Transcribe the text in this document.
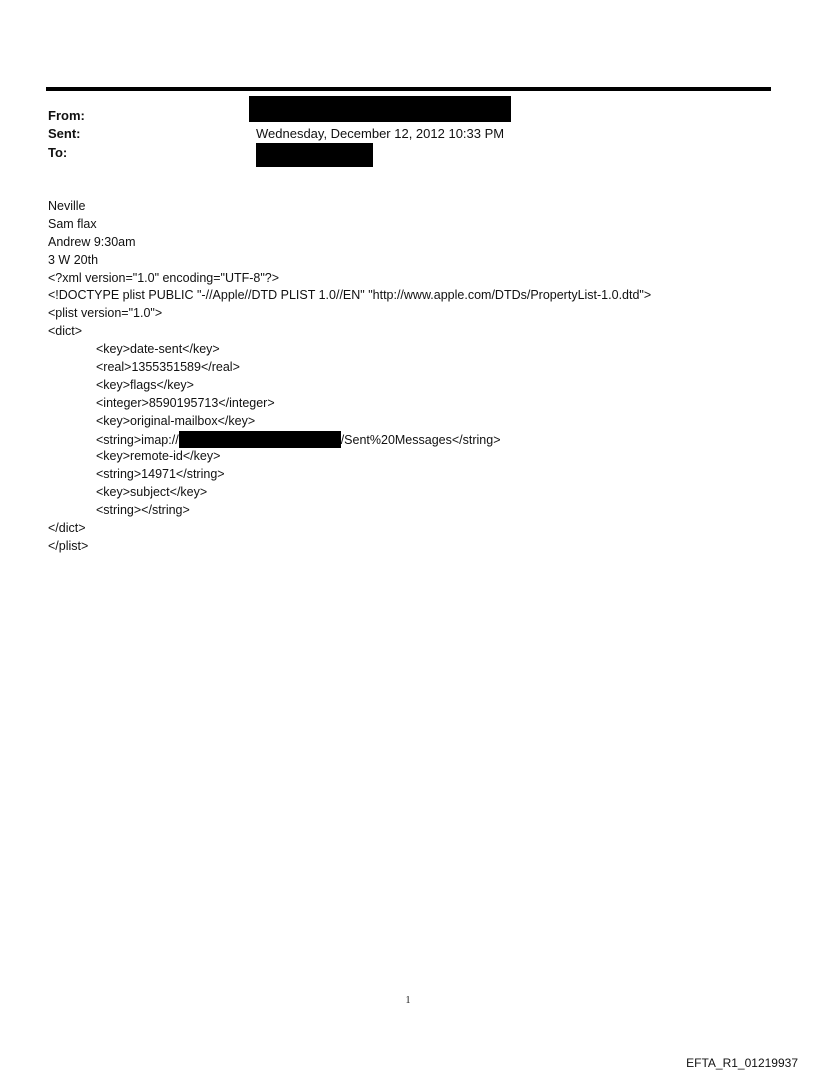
From:
Sent:	Wednesday, December 12, 2012 10:33 PM
To:
Neville
Sam flax
Andrew 9:30am
3 W 20th
<?xml version="1.0" encoding="UTF-8"?>
<!DOCTYPE plist PUBLIC "-//Apple//DTD PLIST 1.0//EN" "http://www.apple.com/DTDs/PropertyList-1.0.dtd">
<plist version="1.0">
<dict>
<key>date-sent</key>
<real>1355351589</real>
<key>flags</key>
<integer>8590195713</integer>
<key>original-mailbox</key>
<string>imap://	/Sent%20Messages</string>
<key>remote-id</key>
<string>14971</string>
<key>subject</key>
<string></string>
</dict>
</plist>
1
EFTA_R1_01219937
